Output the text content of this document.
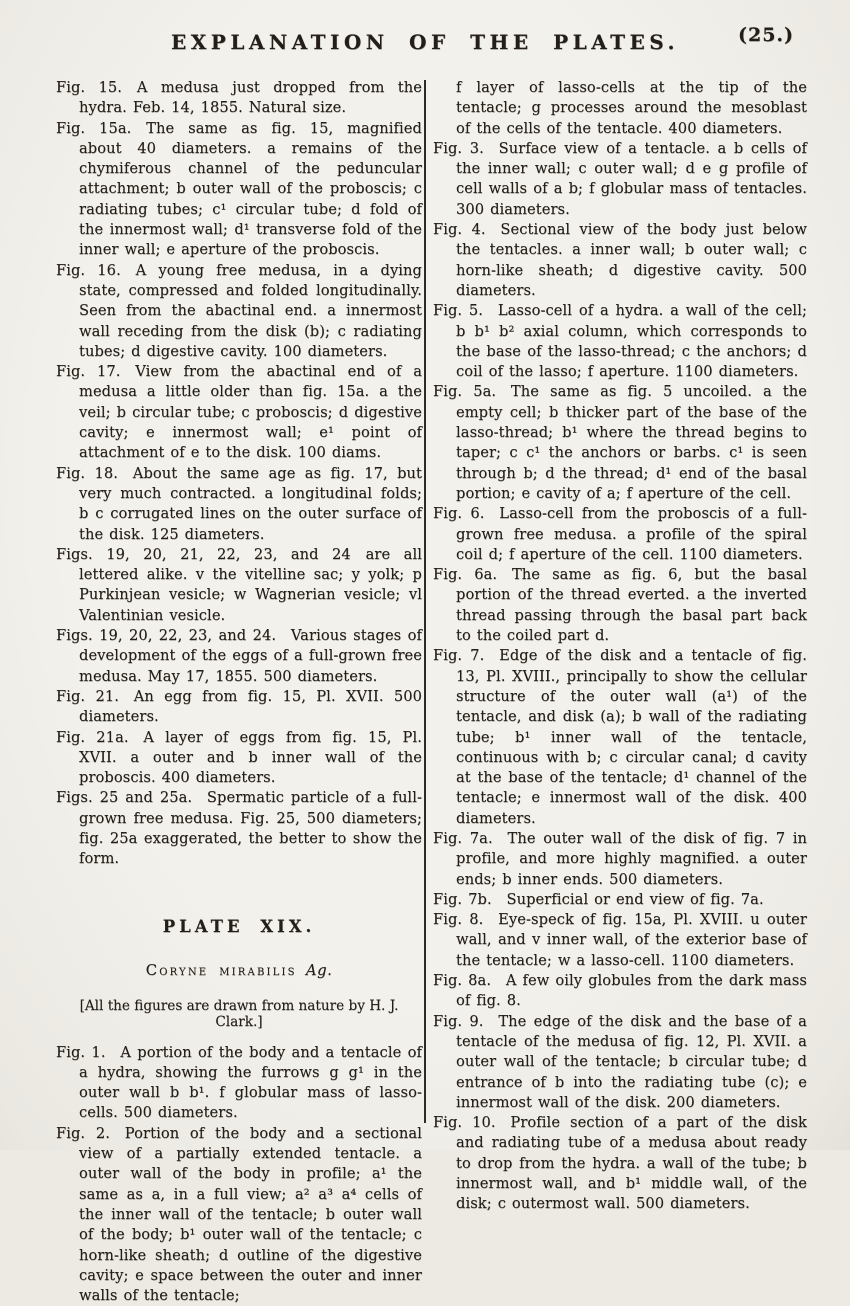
EXPLANATION OF THE PLATES.	(25.)

Fig. 15.  A medusa just dropped from the hydra. Feb. 14, 1855. Natural size.

Fig. 15a.  The same as fig. 15, magnified about 40 diameters. a remains of the chymiferous channel of the peduncular attachment; b outer wall of the proboscis; c radiating tubes; c¹ circular tube; d fold of the innermost wall; d¹ transverse fold of the inner wall; e aperture of the proboscis.

Fig. 16.  A young free medusa, in a dying state, compressed and folded longitudinally. Seen from the abactinal end. a innermost wall receding from the disk (b); c radiating tubes; d digestive cavity. 100 diameters.

Fig. 17.  View from the abactinal end of a medusa a little older than fig. 15a. a the veil; b circular tube; c proboscis; d digestive cavity; e innermost wall; e¹ point of attachment of e to the disk. 100 diams.

Fig. 18.  About the same age as fig. 17, but very much contracted. a longitudinal folds; b c corrugated lines on the outer surface of the disk. 125 diameters.

Figs. 19, 20, 21, 22, 23, and 24  are all lettered alike. v the vitelline sac; y yolk; p Purkinjean vesicle; w Wagnerian vesicle; vl Valentinian vesicle.

Figs. 19, 20, 22, 23, and 24.  Various stages of development of the eggs of a full-grown free medusa. May 17, 1855. 500 diameters.

Fig. 21.  An egg from fig. 15, Pl. XVII. 500 diameters.

Fig. 21a.  A layer of eggs from fig. 15, Pl. XVII. a outer and b inner wall of the proboscis. 400 diameters.

Figs. 25 and 25a.  Spermatic particle of a full-grown free medusa. Fig. 25, 500 diameters; fig. 25a exaggerated, the better to show the form.

PLATE XIX.

Coryne mirabilis Ag.

[All the figures are drawn from nature by H. J. Clark.]

Fig. 1.  A portion of the body and a tentacle of a hydra, showing the furrows g g¹ in the outer wall b b¹. f globular mass of lasso-cells. 500 diameters.

Fig. 2.  Portion of the body and a sectional view of a partially extended tentacle. a outer wall of the body in profile; a¹ the same as a, in a full view; a² a³ a⁴ cells of the inner wall of the tentacle; b outer wall of the body; b¹ outer wall of the tentacle; c horn-like sheath; d outline of the digestive cavity; e space between the outer and inner walls of the tentacle;

f layer of lasso-cells at the tip of the tentacle; g processes around the mesoblast of the cells of the tentacle. 400 diameters.

Fig. 3.  Surface view of a tentacle. a b cells of the inner wall; c outer wall; d e g profile of cell walls of a b; f globular mass of tentacles. 300 diameters.

Fig. 4.  Sectional view of the body just below the tentacles. a inner wall; b outer wall; c horn-like sheath; d digestive cavity. 500 diameters.

Fig. 5.  Lasso-cell of a hydra. a wall of the cell; b b¹ b² axial column, which corresponds to the base of the lasso-thread; c the anchors; d coil of the lasso; f aperture. 1100 diameters.

Fig. 5a.  The same as fig. 5 uncoiled. a the empty cell; b thicker part of the base of the lasso-thread; b¹ where the thread begins to taper; c c¹ the anchors or barbs. c¹ is seen through b; d the thread; d¹ end of the basal portion; e cavity of a; f aperture of the cell.

Fig. 6.  Lasso-cell from the proboscis of a full-grown free medusa. a profile of the spiral coil d; f aperture of the cell. 1100 diameters.

Fig. 6a.  The same as fig. 6, but the basal portion of the thread everted. a the inverted thread passing through the basal part back to the coiled part d.

Fig. 7.  Edge of the disk and a tentacle of fig. 13, Pl. XVIII., principally to show the cellular structure of the outer wall (a¹) of the tentacle, and disk (a); b wall of the radiating tube; b¹ inner wall of the tentacle, continuous with b; c circular canal; d cavity at the base of the tentacle; d¹ channel of the tentacle; e innermost wall of the disk. 400 diameters.

Fig. 7a.  The outer wall of the disk of fig. 7 in profile, and more highly magnified. a outer ends; b inner ends. 500 diameters.

Fig. 7b.  Superficial or end view of fig. 7a.

Fig. 8.  Eye-speck of fig. 15a, Pl. XVIII. u outer wall, and v inner wall, of the exterior base of the tentacle; w a lasso-cell. 1100 diameters.

Fig. 8a.  A few oily globules from the dark mass of fig. 8.

Fig. 9.  The edge of the disk and the base of a tentacle of the medusa of fig. 12, Pl. XVII. a outer wall of the tentacle; b circular tube; d entrance of b into the radiating tube (c); e innermost wall of the disk. 200 diameters.

Fig. 10.  Profile section of a part of the disk and radiating tube of a medusa about ready to drop from the hydra. a wall of the tube; b innermost wall, and b¹ middle wall, of the disk; c outermost wall. 500 diameters.
